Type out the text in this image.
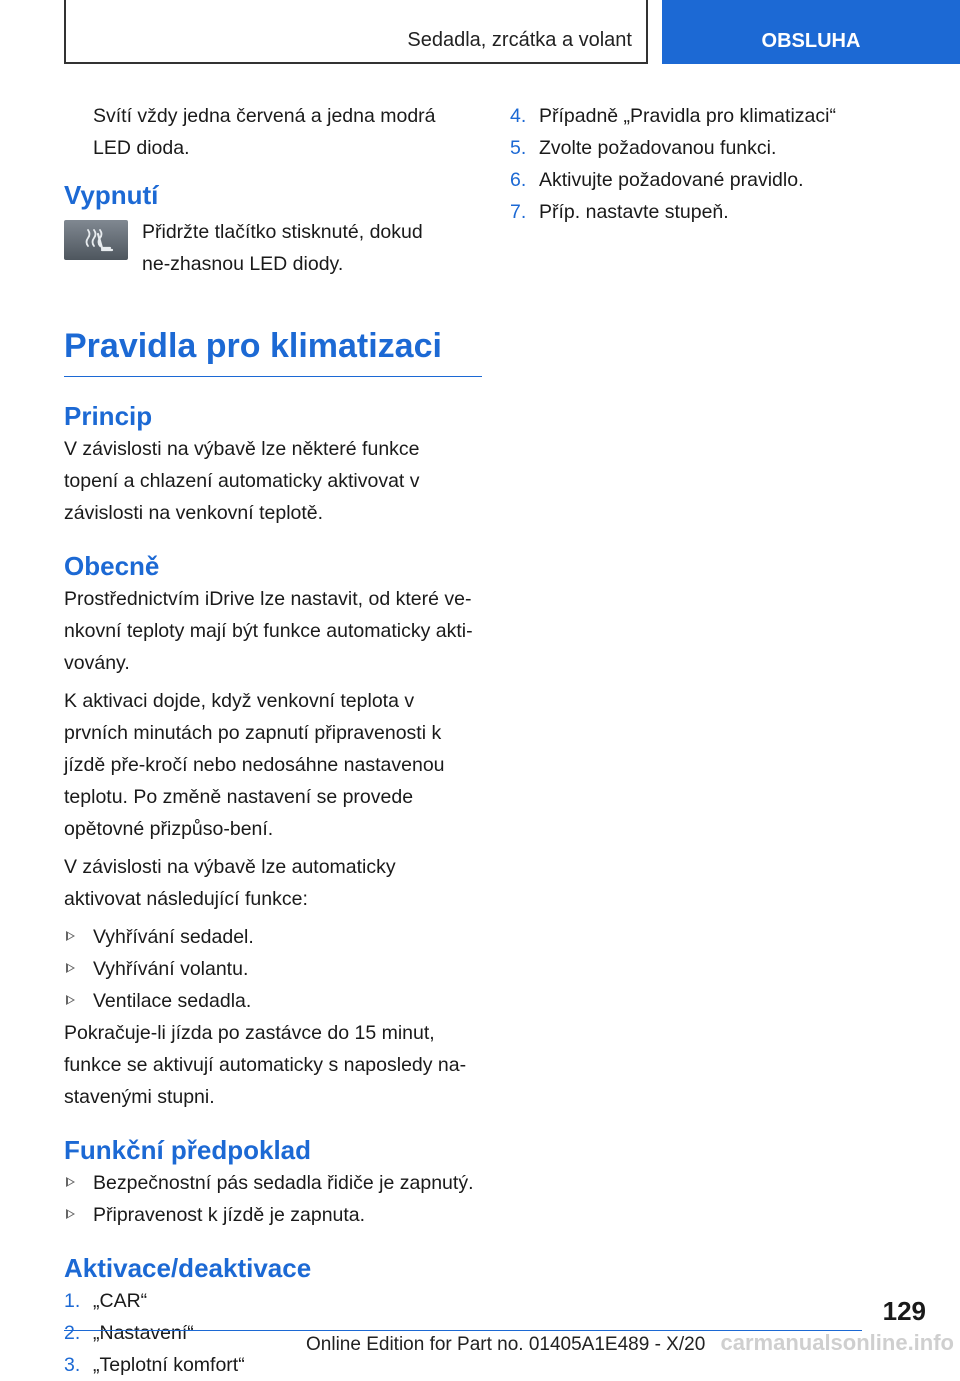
Sedadla, zrcátka a volant	OBSLUHA

Svítí vždy jedna červená a jedna modrá LED dioda.

Vypnutí

Přidržte tlačítko stisknuté, dokud ne-zhasnou LED diody.

Pravidla pro klimatizaci
Princip

V závislosti na výbavě lze některé funkce topení a chlazení automaticky aktivovat v závislosti na venkovní teplotě.

Obecně

Prostřednictvím iDrive lze nastavit, od které ve-nkovní teploty mají být funkce automaticky akti-vovány.

K aktivaci dojde, když venkovní teplota v prvních minutách po zapnutí připravenosti k jízdě pře-kročí nebo nedosáhne nastavenou teplotu. Po změně nastavení se provede opětovné přizpůso-bení.

V závislosti na výbavě lze automaticky aktivovat následující funkce:

Vyhřívání sedadel.
Vyhřívání volantu.
Ventilace sedadla.

Pokračuje-li jízda po zastávce do 15 minut, funkce se aktivují automaticky s naposledy na-stavenými stupni.

Funkční předpoklad
Bezpečnostní pás sedadla řidiče je zapnutý.
Připravenost k jízdě je zapnuta.
Aktivace/deaktivace
1. „CAR“
2. „Nastavení“
3. „Teplotní komfort“
4. Případně „Pravidla pro klimatizaci“
5. Zvolte požadovanou funkci.
6. Aktivujte požadované pravidlo.
7. Příp. nastavte stupeň.
129
Online Edition for Part no. 01405A1E489 - X/20 carmanualsonline.info
